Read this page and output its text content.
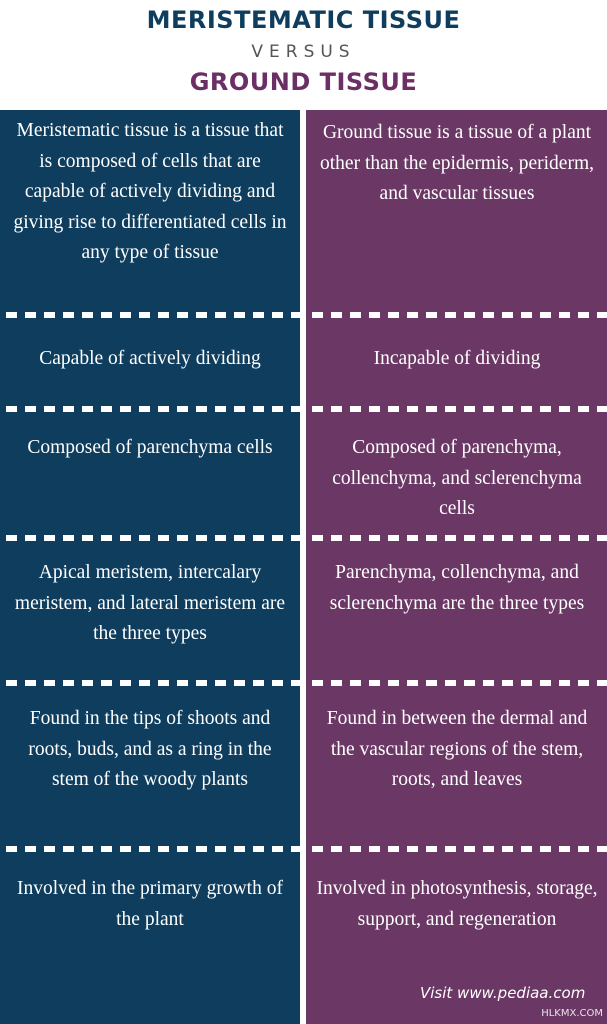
MERISTEMATIC TISSUE
VERSUS
GROUND TISSUE
Meristematic tissue is a tissue that is composed of cells that are capable of actively dividing and giving rise to differentiated cells in any type of tissue
Ground tissue is a tissue of a plant other than the epidermis, periderm, and vascular tissues
Capable of actively dividing	Incapable of dividing
Composed of parenchyma cells	Composed of parenchyma, collenchyma, and sclerenchyma cells
Apical meristem, intercalary meristem, and lateral meristem are the three types
Parenchyma, collenchyma, and sclerenchyma are the three types
Found in the tips of shoots and roots, buds, and as a ring in the stem of the woody plants
Found in between the dermal and the vascular regions of the stem, roots, and leaves
Involved in the primary growth of the plant
Involved in photosynthesis, storage, support, and regeneration
Visit www.pediaa.com
HLKMX.COM
